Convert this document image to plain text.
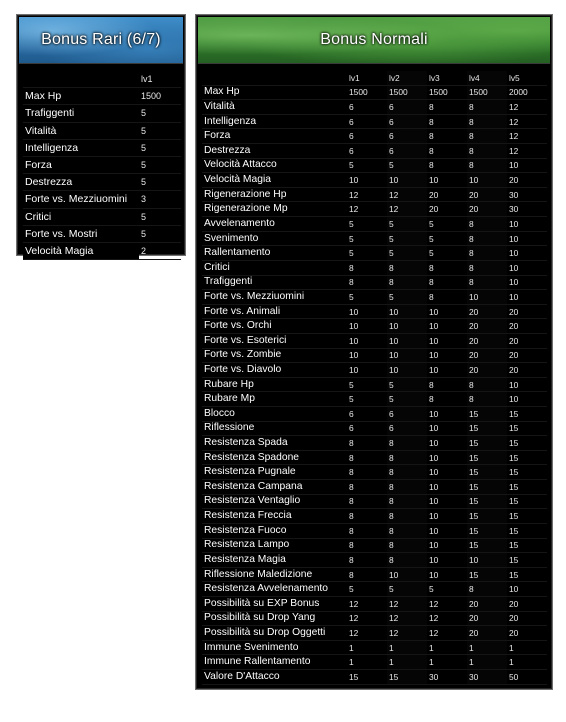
Bonus Rari (6/7)
	lv1
Max Hp	1500
Trafiggenti	5
Vitalità	5
Intelligenza	5
Forza	5
Destrezza	5
Forte vs. Mezziuomini	3
Critici	5
Forte vs. Mostri	5
Velocità Magia	2
Bonus Normali
	lv1	lv2	lv3	lv4	lv5
Max Hp	1500	1500	1500	1500	2000
Vitalità	6	6	8	8	12
Intelligenza	6	6	8	8	12
Forza	6	6	8	8	12
Destrezza	6	6	8	8	12
Velocità Attacco	5	5	8	8	10
Velocità Magia	10	10	10	10	20
Rigenerazione Hp	12	12	20	20	30
Rigenerazione Mp	12	12	20	20	30
Avvelenamento	5	5	5	8	10
Svenimento	5	5	5	8	10
Rallentamento	5	5	5	8	10
Critici	8	8	8	8	10
Trafiggenti	8	8	8	8	10
Forte vs. Mezziuomini	5	5	8	10	10
Forte vs. Animali	10	10	10	20	20
Forte vs. Orchi	10	10	10	20	20
Forte vs. Esoterici	10	10	10	20	20
Forte vs. Zombie	10	10	10	20	20
Forte vs. Diavolo	10	10	10	20	20
Rubare Hp	5	5	8	8	10
Rubare Mp	5	5	8	8	10
Blocco	6	6	10	15	15
Riflessione	6	6	10	15	15
Resistenza Spada	8	8	10	15	15
Resistenza Spadone	8	8	10	15	15
Resistenza Pugnale	8	8	10	15	15
Resistenza Campana	8	8	10	15	15
Resistenza Ventaglio	8	8	10	15	15
Resistenza Freccia	8	8	10	15	15
Resistenza Fuoco	8	8	10	15	15
Resistenza Lampo	8	8	10	15	15
Resistenza Magia	8	8	10	10	15
Riflessione Maledizione	8	10	10	15	15
Resistenza Avvelenamento	5	5	5	8	10
Possibilità su EXP Bonus	12	12	12	20	20
Possibilità su Drop Yang	12	12	12	20	20
Possibilità su Drop Oggetti	12	12	12	20	20
Immune Svenimento	1	1	1	1	1
Immune Rallentamento	1	1	1	1	1
Valore D'Attacco	15	15	30	30	50
